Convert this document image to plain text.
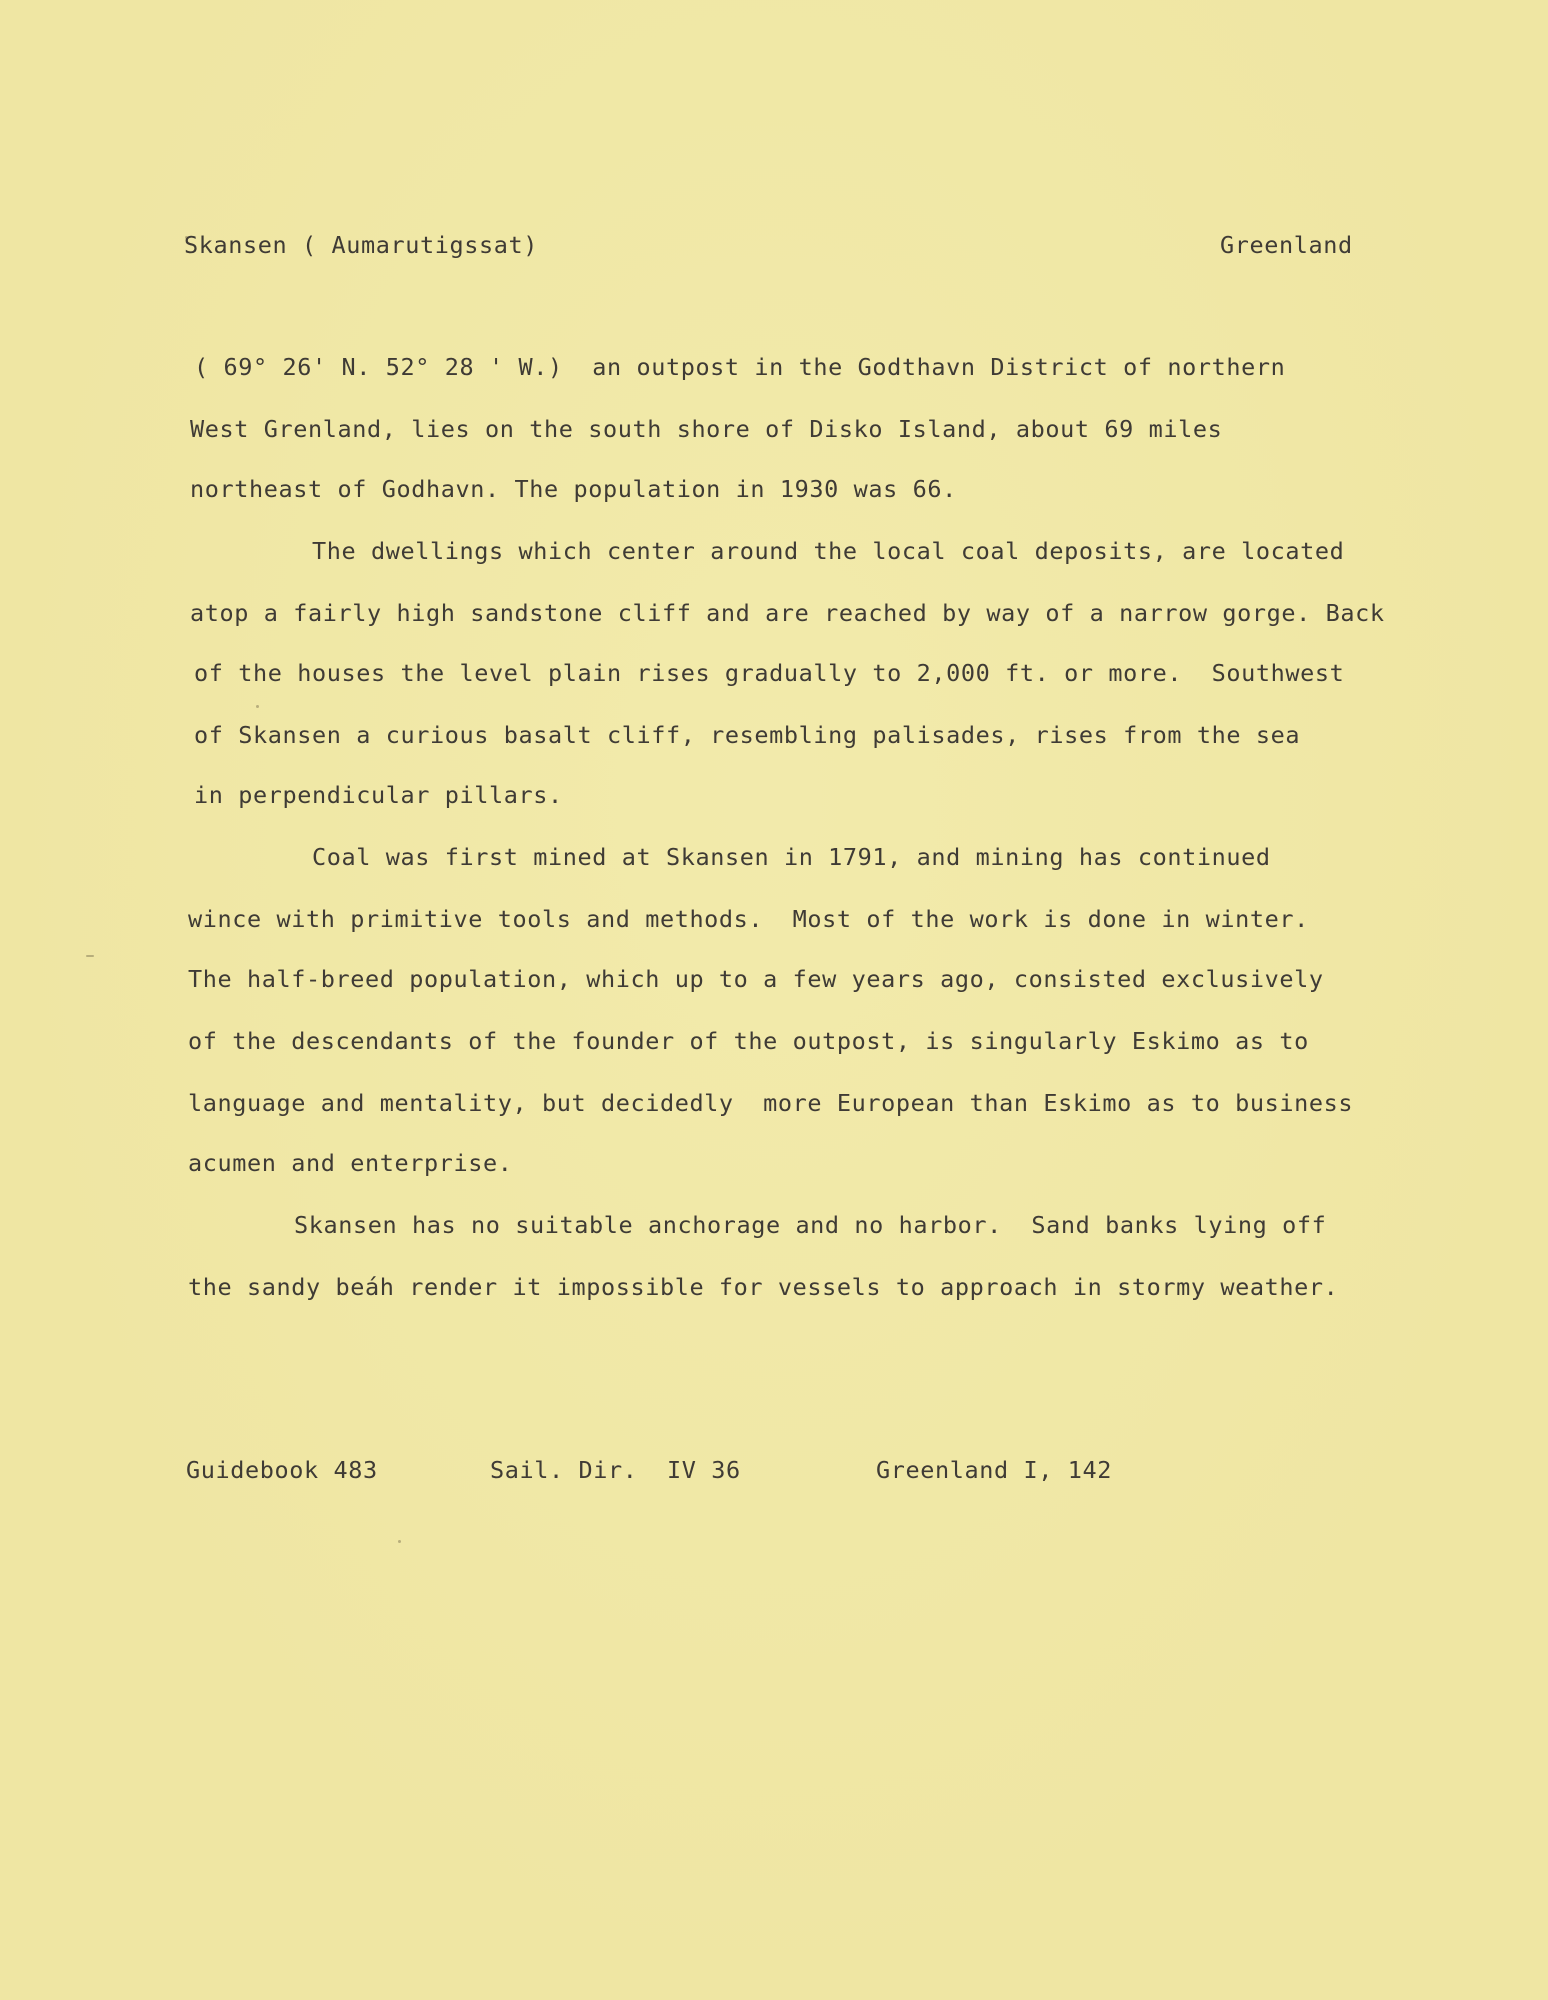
Skansen ( Aumarutigssat)	Greenland
( 69° 26' N. 52° 28 ' W.)  an outpost in the Godthavn District of northern
West Grenland, lies on the south shore of Disko Island, about 69 miles
northeast of Godhavn. The population in 1930 was 66.
The dwellings which center around the local coal deposits, are located
atop a fairly high sandstone cliff and are reached by way of a narrow gorge. Back
of the houses the level plain rises gradually to 2,000 ft. or more.  Southwest
of Skansen a curious basalt cliff, resembling palisades, rises from the sea
in perpendicular pillars.
Coal was first mined at Skansen in 1791, and mining has continued
wince with primitive tools and methods.  Most of the work is done in winter.
The half-breed population, which up to a few years ago, consisted exclusively
of the descendants of the founder of the outpost, is singularly Eskimo as to
language and mentality, but decidedly  more European than Eskimo as to business
acumen and enterprise.
Skansen has no suitable anchorage and no harbor.  Sand banks lying off
the sandy beáh render it impossible for vessels to approach in stormy weather.
Guidebook 483	Sail. Dir.  IV 36	Greenland I, 142
